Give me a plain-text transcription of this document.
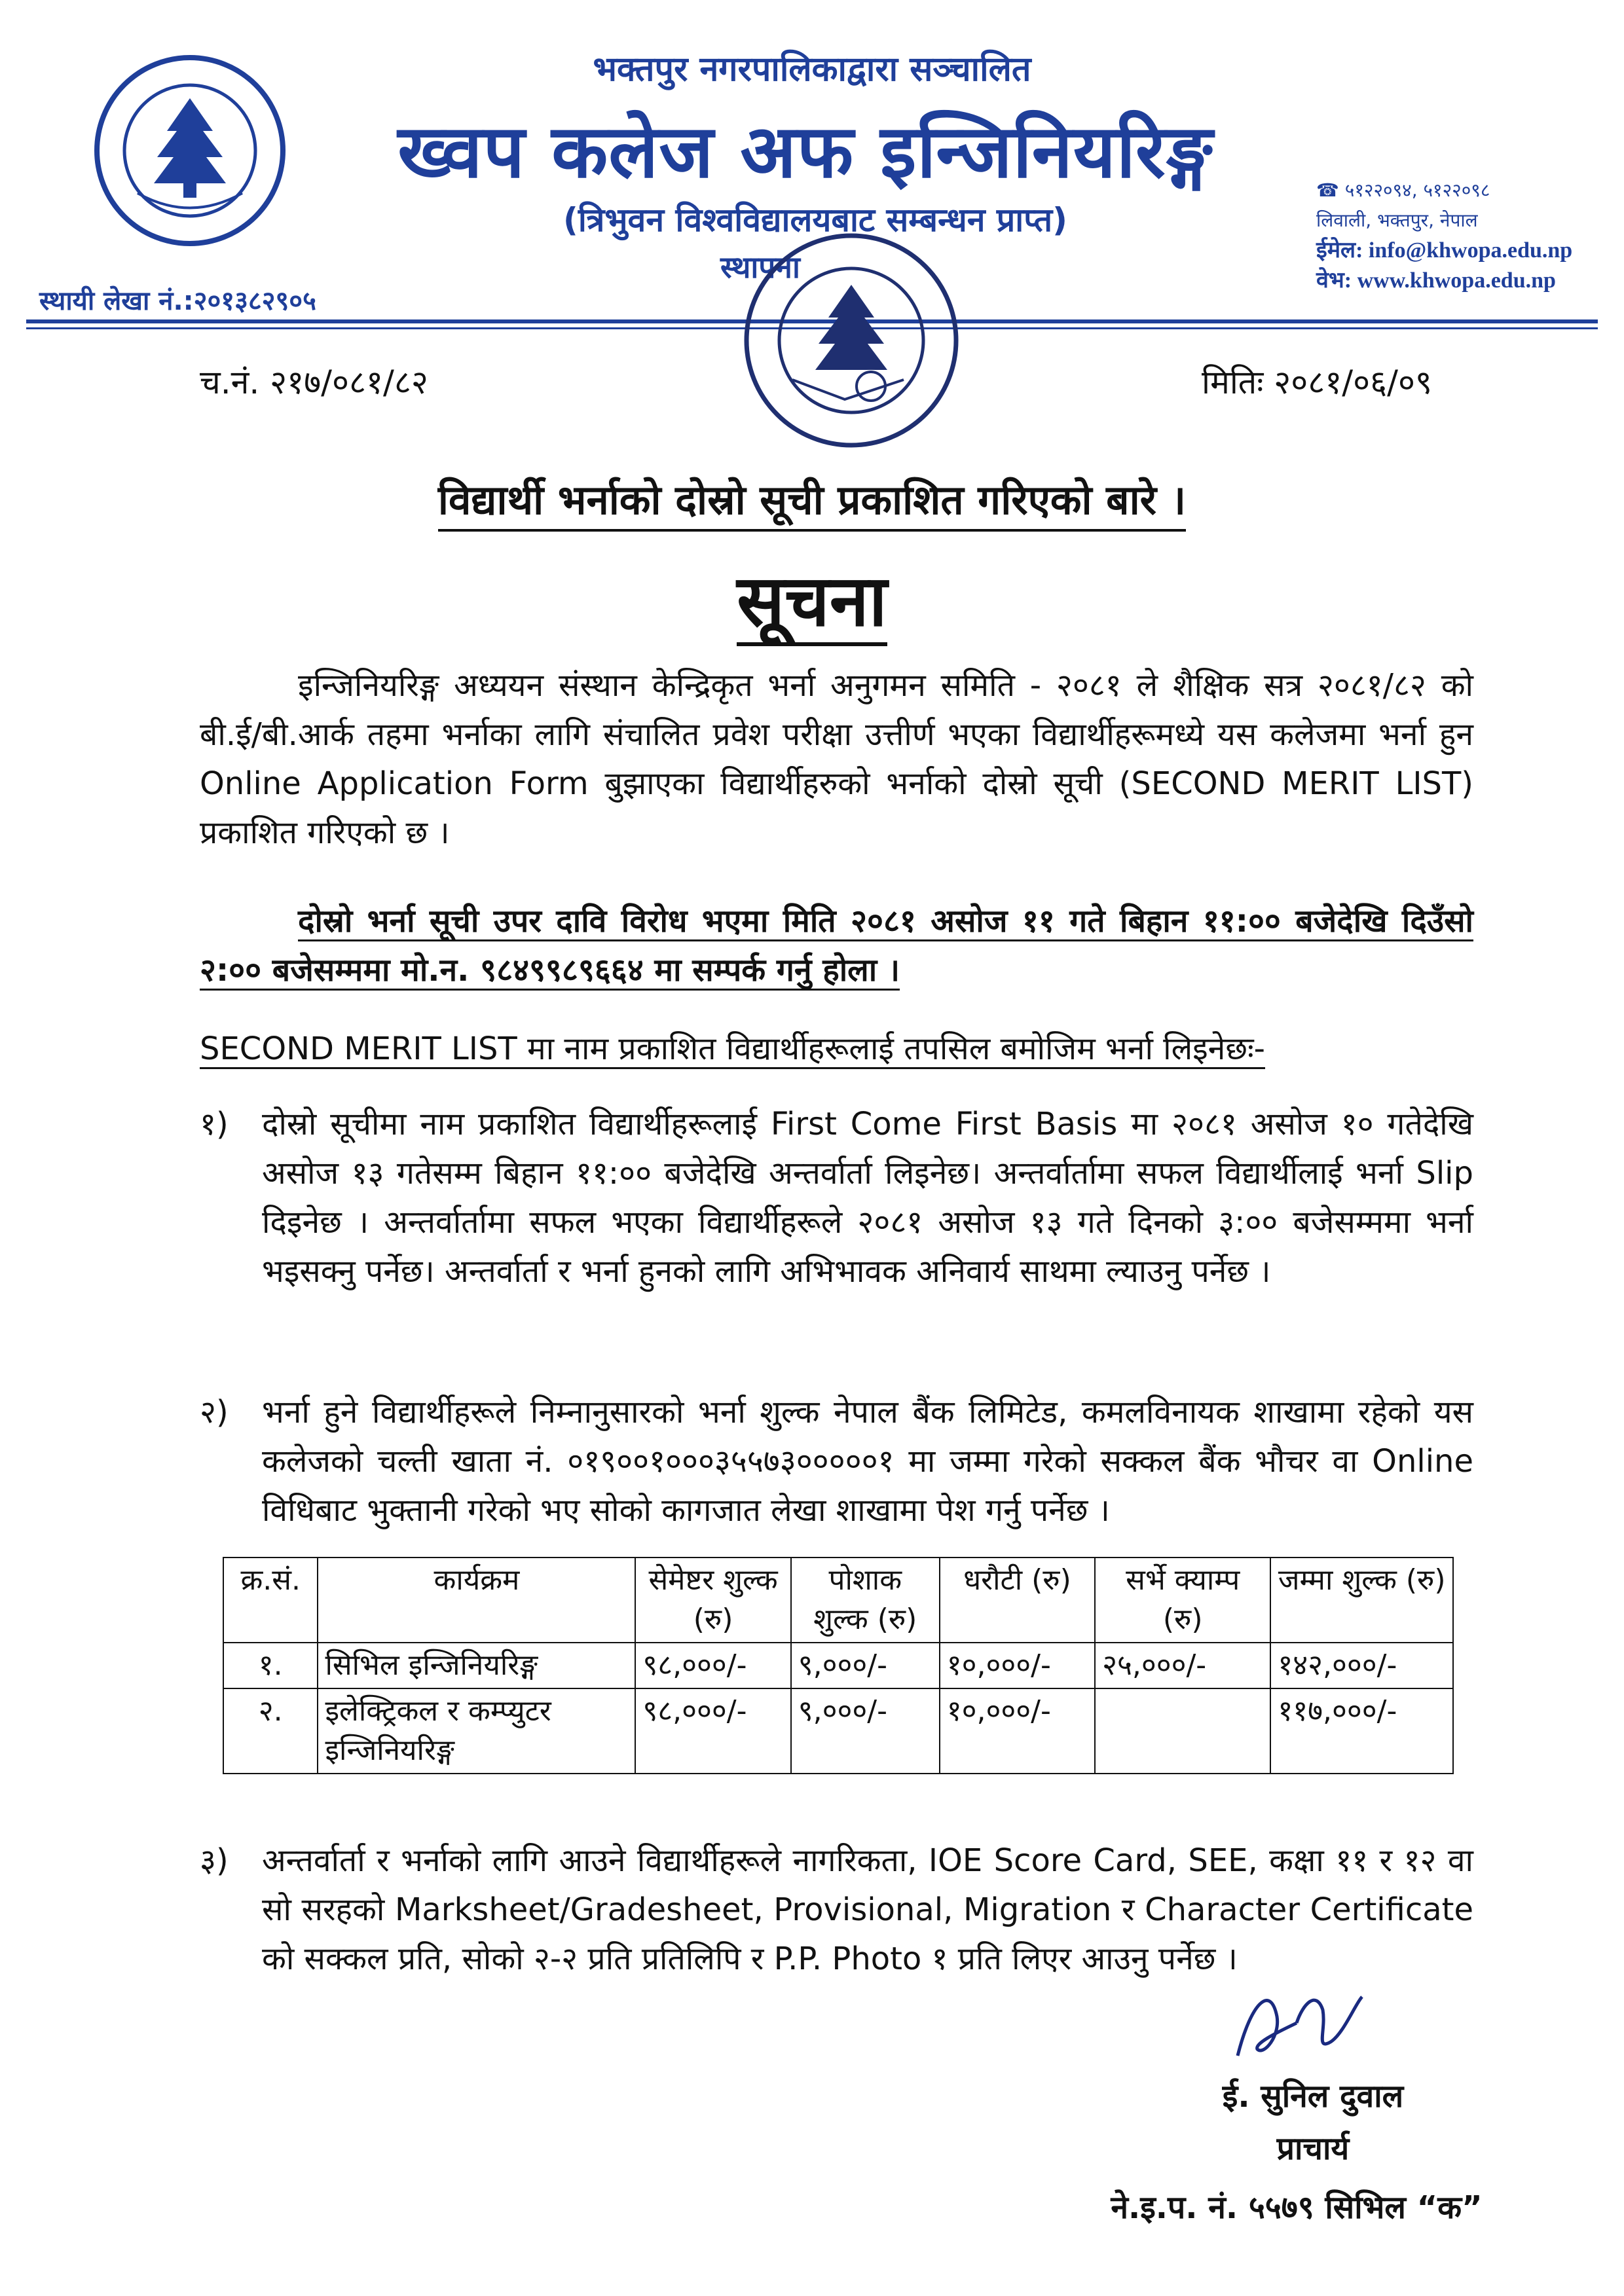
भक्तपुर नगरपालिकाद्वारा सञ्चालित
ख्वप कलेज अफ इन्जिनियरिङ्ग
(त्रिभुवन विश्वविद्यालयबाट सम्बन्धन प्राप्त)
स्थापना
☎ ५१२२०९४, ५१२२०९८
लिवाली, भक्तपुर, नेपाल
ईमेल: info@khwopa.edu.np
वेभ: www.khwopa.edu.np
स्थायी लेखा नं.:२०१३८२९०५
च.नं. २१७/०८१/८२	मितिः २०८१/०६/०९
विद्यार्थी भर्नाको दोस्रो सूची प्रकाशित गरिएको बारे ।
सूचना
इन्जिनियरिङ्ग अध्ययन संस्थान केन्द्रिकृत भर्ना अनुगमन समिति - २०८१ ले शैक्षिक सत्र २०८१/८२ को बी.ई/बी.आर्क तहमा भर्नाका लागि संचालित प्रवेश परीक्षा उत्तीर्ण भएका विद्यार्थीहरूमध्ये यस कलेजमा भर्ना हुन Online Application Form बुझाएका विद्यार्थीहरुको भर्नाको दोस्रो सूची (SECOND MERIT LIST) प्रकाशित गरिएको छ ।
दोस्रो भर्ना सूची उपर दावि विरोध भएमा मिति २०८१ असोज ११ गते बिहान ११:०० बजेदेखि दिउँसो २:०० बजेसम्ममा मो.न. ९८४९९८९६६४ मा सम्पर्क गर्नु होला ।
SECOND MERIT LIST मा नाम प्रकाशित विद्यार्थीहरूलाई तपसिल बमोजिम भर्ना लिइनेछः-
१)	दोस्रो सूचीमा नाम प्रकाशित विद्यार्थीहरूलाई First Come First Basis मा २०८१ असोज १० गतेदेखि असोज १३ गतेसम्म बिहान ११:०० बजेदेखि अन्तर्वार्ता लिइनेछ। अन्तर्वार्तामा सफल विद्यार्थीलाई भर्ना Slip दिइनेछ । अन्तर्वार्तामा सफल भएका विद्यार्थीहरूले २०८१ असोज १३ गते दिनको ३:०० बजेसम्ममा भर्ना भइसक्नु पर्नेछ। अन्तर्वार्ता र भर्ना हुनको लागि अभिभावक अनिवार्य साथमा ल्याउनु पर्नेछ ।
२)	भर्ना हुने विद्यार्थीहरूले निम्नानुसारको भर्ना शुल्क नेपाल बैंक लिमिटेड, कमलविनायक शाखामा रहेको यस कलेजको चल्ती खाता नं. ०१९००१०००३५५७३०००००१ मा जम्मा गरेको सक्कल बैंक भौचर वा Online विधिबाट भुक्तानी गरेको भए सोको कागजात लेखा शाखामा पेश गर्नु पर्नेछ ।
क्र.सं.	कार्यक्रम	सेमेष्टर शुल्क (रु)	पोशाक शुल्क (रु)	धरौटी (रु)	सर्भे क्याम्प (रु)	जम्मा शुल्क (रु)
१.	सिभिल इन्जिनियरिङ्ग	९८,०००/-	९,०००/-	१०,०००/-	२५,०००/-	१४२,०००/-
२.	इलेक्ट्रिकल र कम्प्युटर इन्जिनियरिङ्ग	९८,०००/-	९,०००/-	१०,०००/-		११७,०००/-
३)	अन्तर्वार्ता र भर्नाको लागि आउने विद्यार्थीहरूले नागरिकता, IOE Score Card, SEE, कक्षा ११ र १२ वा सो सरहको Marksheet/Gradesheet, Provisional, Migration र Character Certificate को सक्कल प्रति, सोको २-२ प्रति प्रतिलिपि र P.P. Photo १ प्रति लिएर आउनु पर्नेछ ।
ई. सुनिल दुवाल
प्राचार्य
ने.इ.प. नं. ५५७९ सिभिल “क”
